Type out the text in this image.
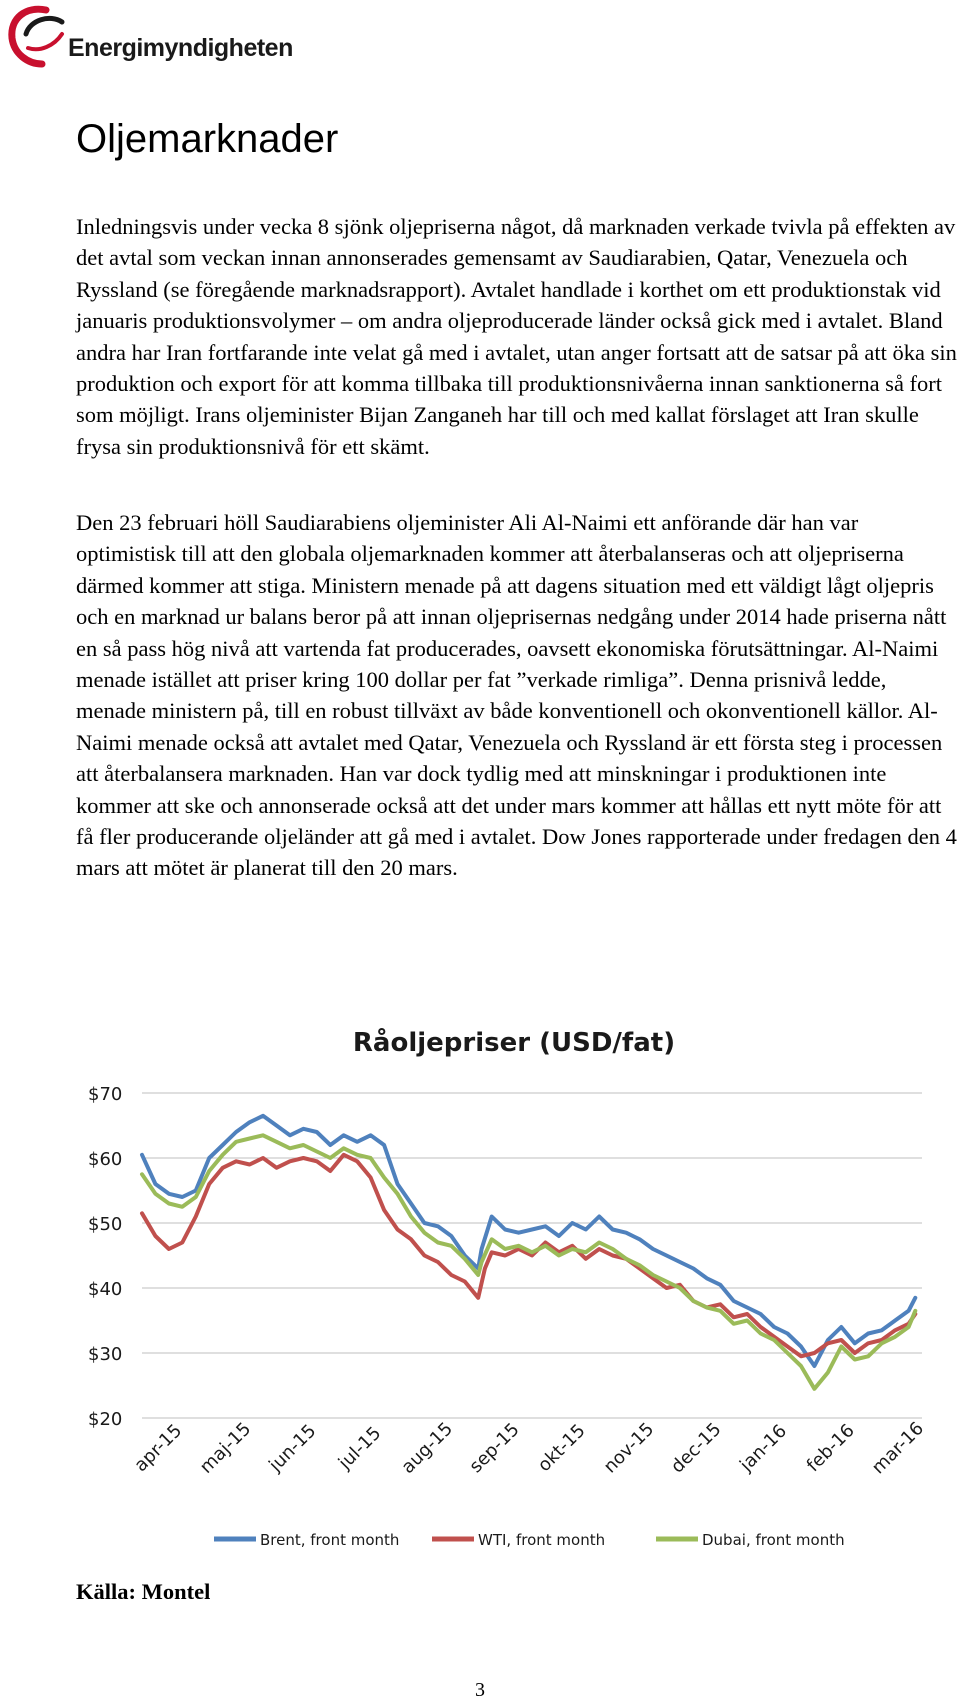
Energimyndigheten
Oljemarknader

Inledningsvis under vecka 8 sjönk oljepriserna något, då marknaden verkade tvivla på effekten av det avtal som veckan innan annonserades gemensamt av Saudiarabien, Qatar, Venezuela och Ryssland (se föregående marknadsrapport). Avtalet handlade i korthet om ett produktionstak vid januaris produktionsvolymer – om andra oljeproducerade länder också gick med i avtalet. Bland andra har Iran fortfarande inte velat gå med i avtalet, utan anger fortsatt att de satsar på att öka sin produktion och export för att komma tillbaka till produktionsnivåerna innan sanktionerna så fort som möjligt. Irans oljeminister Bijan Zanganeh har till och med kallat förslaget att Iran skulle frysa sin produktionsnivå för ett skämt.

Den 23 februari höll Saudiarabiens oljeminister Ali Al-Naimi ett anförande där han var optimistisk till att den globala oljemarknaden kommer att återbalanseras och att oljepriserna därmed kommer att stiga. Ministern menade på att dagens situation med ett väldigt lågt oljepris och en marknad ur balans beror på att innan oljeprisernas nedgång under 2014 hade priserna nått en så pass hög nivå att vartenda fat producerades, oavsett ekonomiska förutsättningar. Al-Naimi menade istället att priser kring 100 dollar per fat ”verkade rimliga”. Denna prisnivå ledde, menade ministern på, till en robust tillväxt av både konventionell och okonventionell källor. Al-Naimi menade också att avtalet med Qatar, Venezuela och Ryssland är ett första steg i processen att återbalansera marknaden. Han var dock tydlig med att minskningar i produktionen inte kommer att ske och annonserade också att det under mars kommer att hållas ett nytt möte för att få fler producerande oljeländer att gå med i avtalet. Dow Jones rapporterade under fredagen den 4 mars att mötet är planerat till den 20 mars.

Råoljepriser (USD/fat)
$20
$30
$40
$50
$60
$70
apr-15 maj-15 jun-15 jul-15 aug-15 sep-15 okt-15 nov-15 dec-15 jan-16 feb-16 mar-16
Brent, front month	WTI, front month	Dubai, front month
Källa: Montel
3
